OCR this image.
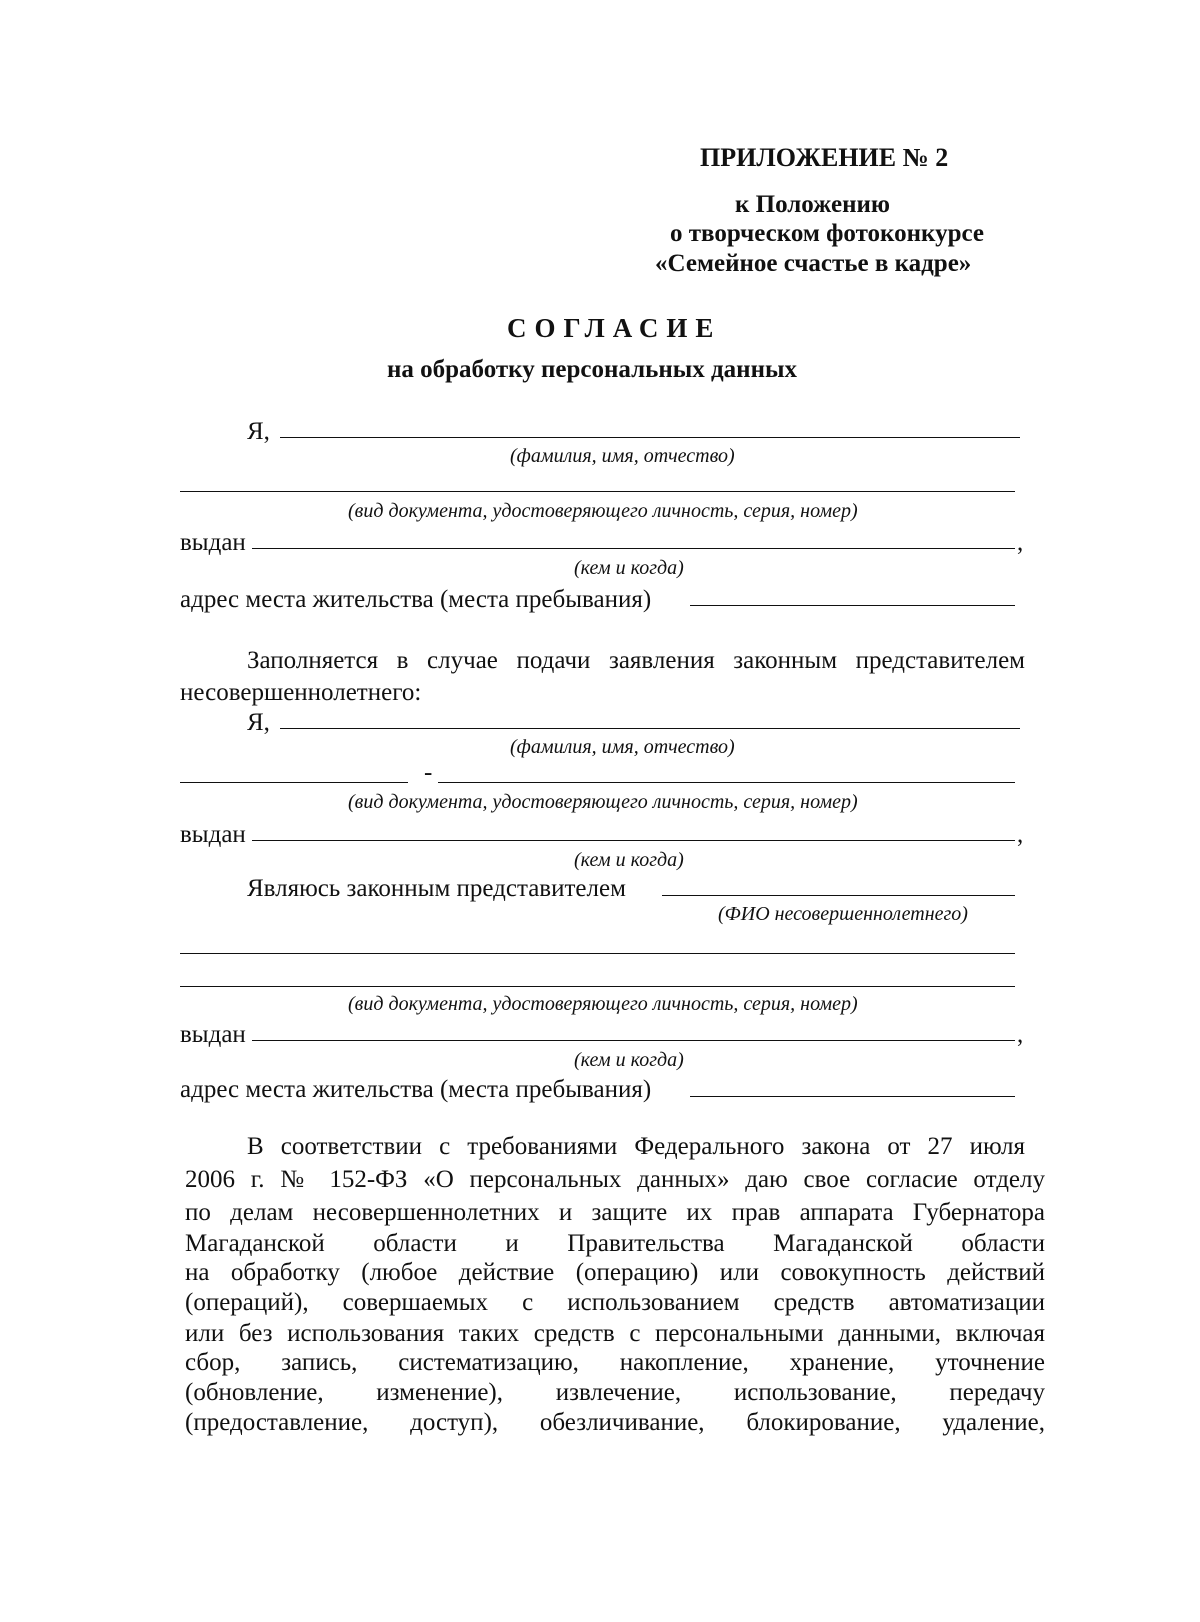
ПРИЛОЖЕНИЕ № 2
к Положению
о творческом фотоконкурсе
«Семейное счастье в кадре»
СОГЛАСИЕ
на обработку персональных данных
Я,
(фамилия, имя, отчество)
(вид документа, удостоверяющего личность, серия, номер)
выдан	,
(кем и когда)
адрес места жительства (места пребывания)
Заполняется в случае подачи заявления законным представителем
несовершеннолетнего:
Я,
(фамилия, имя, отчество)
-
(вид документа, удостоверяющего личность, серия, номер)
выдан	,
(кем и когда)
Являюсь законным представителем
(ФИО несовершеннолетнего)
(вид документа, удостоверяющего личность, серия, номер)
выдан	,
(кем и когда)
адрес места жительства (места пребывания)
В соответствии с требованиями Федерального закона от 27 июля
2006 г. № 152-ФЗ «О персональных данных» даю свое согласие отделу
по делам несовершеннолетних и защите их прав аппарата Губернатора
Магаданской области и Правительства Магаданской области
на обработку (любое действие (операцию) или совокупность действий
(операций), совершаемых с использованием средств автоматизации
или без использования таких средств с персональными данными, включая
сбор, запись, систематизацию, накопление, хранение, уточнение
(обновление, изменение), извлечение, использование, передачу
(предоставление, доступ), обезличивание, блокирование, удаление,
